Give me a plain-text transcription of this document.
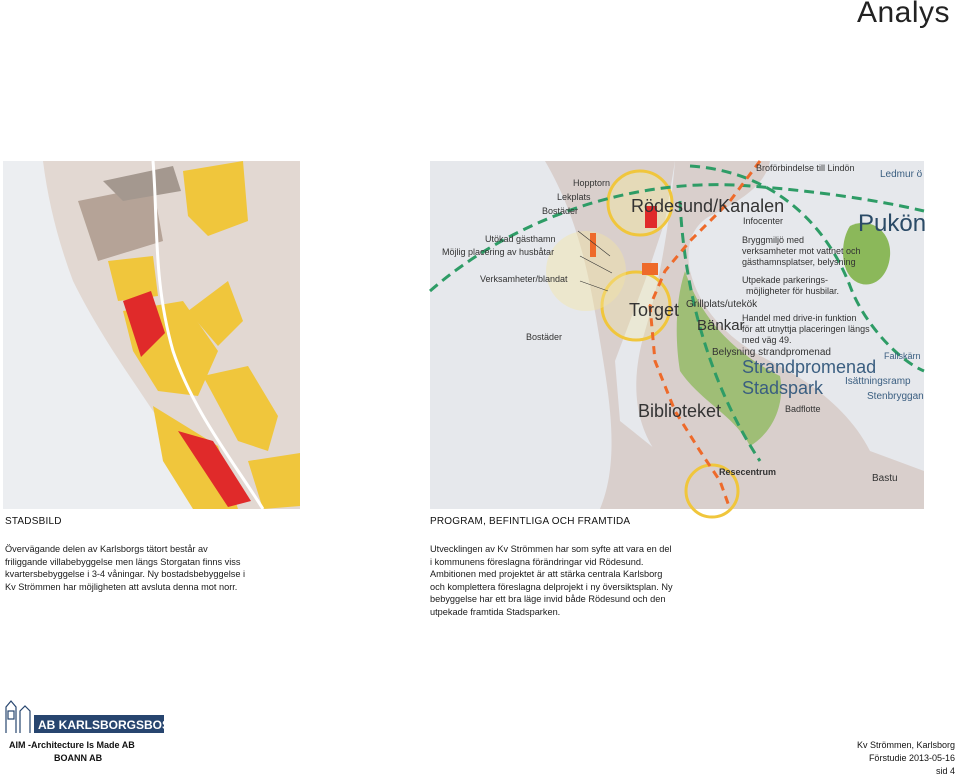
Analys
Hopptorn
Lekplats
Bostäder
Utökad gästhamn
Möjlig placering av husbåtar
Verksamheter/blandat
Bostäder
Rödesund/Kanalen
Infocenter
Bryggmiljö med
verksamheter mot vattnet och
gästhamnsplatser, belysning
Utpekade parkerings-
möjligheter för husbilar.
Grillplats/utekök
Torget
Bänkar
Handel med drive-in funktion
för att utnyttja placeringen längs
med väg 49.
Belysning strandpromenad
Strandpromenad
Stadspark
Biblioteket	Badflotte
Broförbindelse till Lindön
Ledmur ö
Pukön
Fallskärn
Isättningsramp
Stenbryggan
Resecentrum
Bastu
STADSBILD
Övervägande delen av Karlsborgs tätort består av friliggande villabebyggelse men längs Storgatan finns viss kvartersbebyggelse i 3-4 våningar. Ny bostadsbebyggelse i Kv Strömmen har möjligheten att avsluta denna mot norr.
PROGRAM, BEFINTLIGA OCH FRAMTIDA
Utvecklingen av Kv Strömmen har som syfte att vara en del i kommunens föreslagna förändringar vid Rödesund. Ambitionen med projektet är att stärka centrala Karlsborg och komplettera föreslagna delprojekt i ny översiktsplan. Ny bebyggelse har ett bra läge invid både Rödesund och den utpekade framtida Stadsparken.
AB KARLSBORGSBOSTÄDER
AIM -Architecture Is Made AB
BOANN AB
Kv Strömmen, Karlsborg
Förstudie 2013-05-16
sid 4
